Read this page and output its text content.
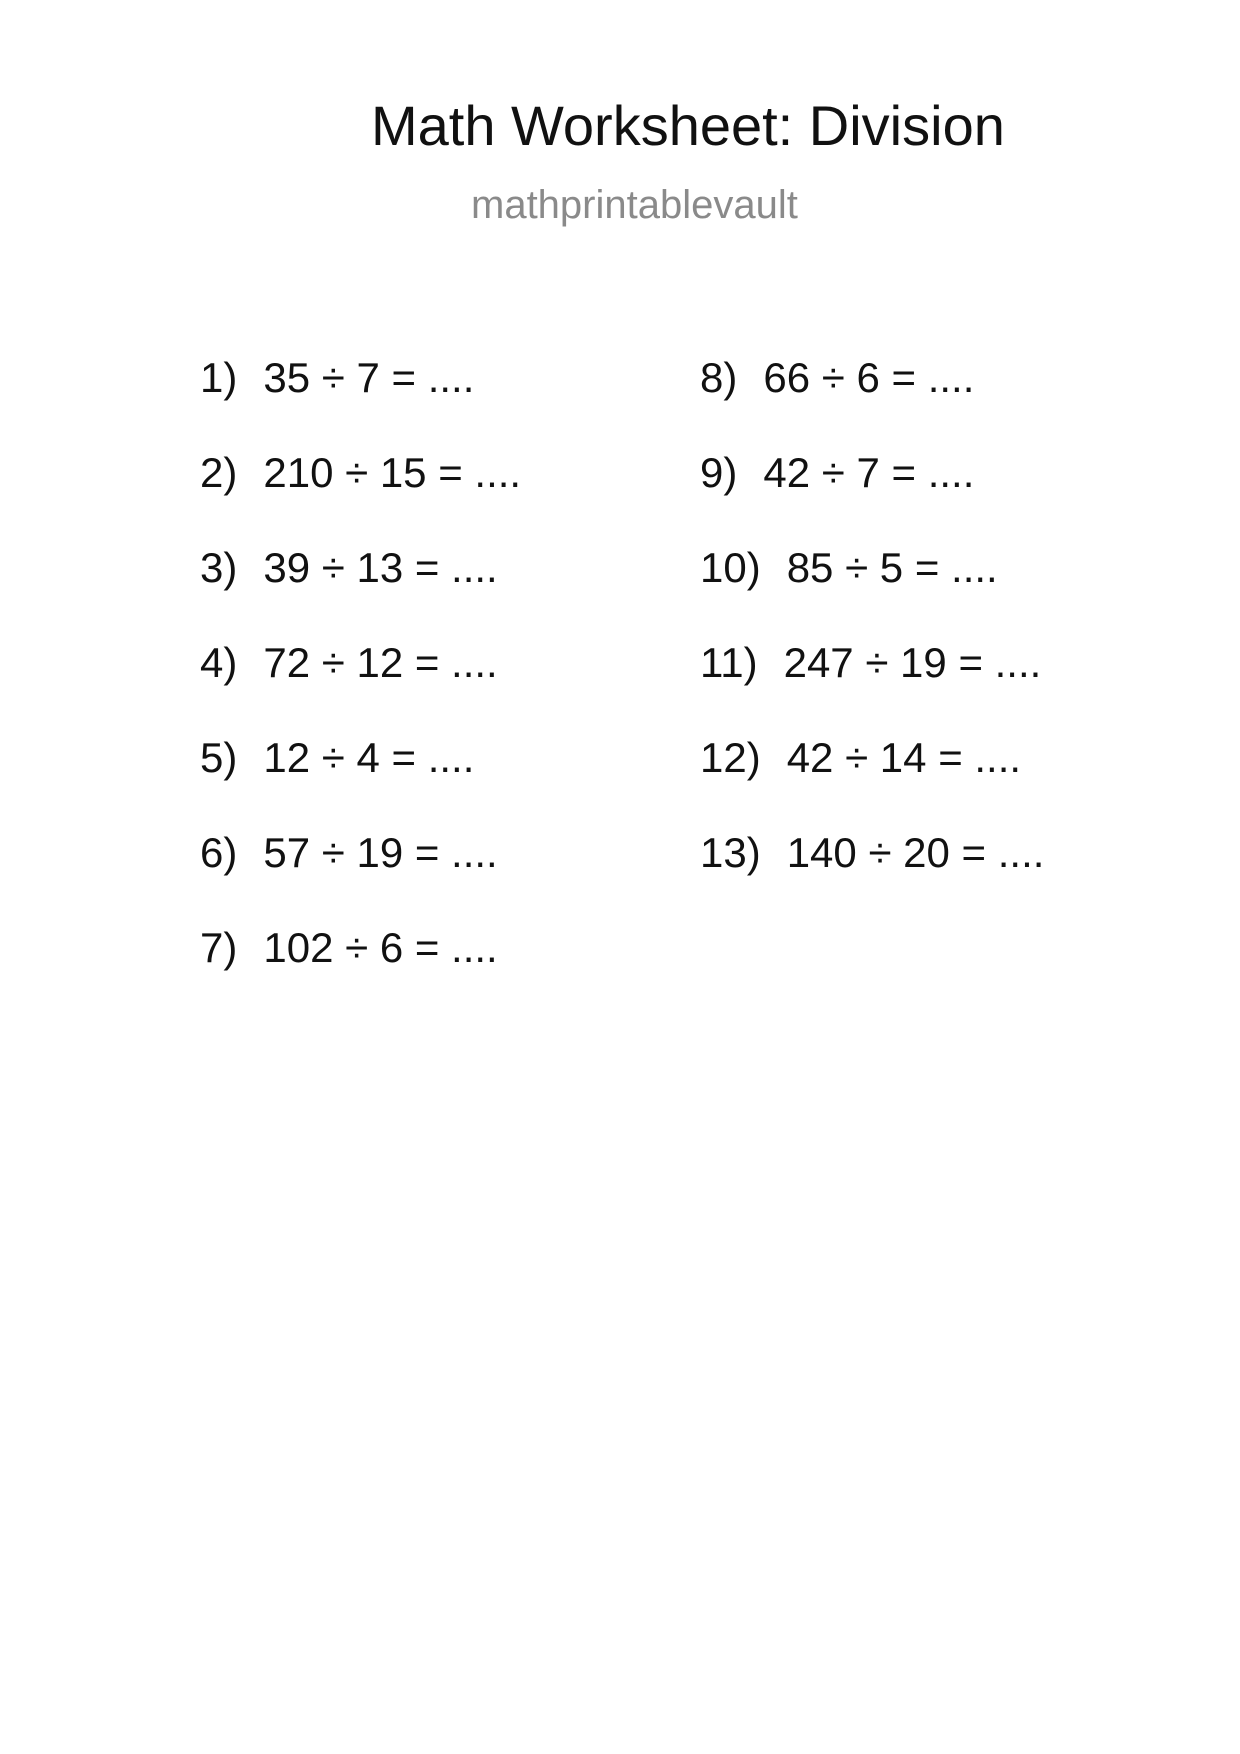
Math Worksheet: Division
mathprintablevault
1) 35 ÷ 7 = ....
2) 210 ÷ 15 = ....
3) 39 ÷ 13 = ....
4) 72 ÷ 12 = ....
5) 12 ÷ 4 = ....
6) 57 ÷ 19 = ....
7) 102 ÷ 6 = ....
8) 66 ÷ 6 = ....
9) 42 ÷ 7 = ....
10) 85 ÷ 5 = ....
11) 247 ÷ 19 = ....
12) 42 ÷ 14 = ....
13) 140 ÷ 20 = ....
